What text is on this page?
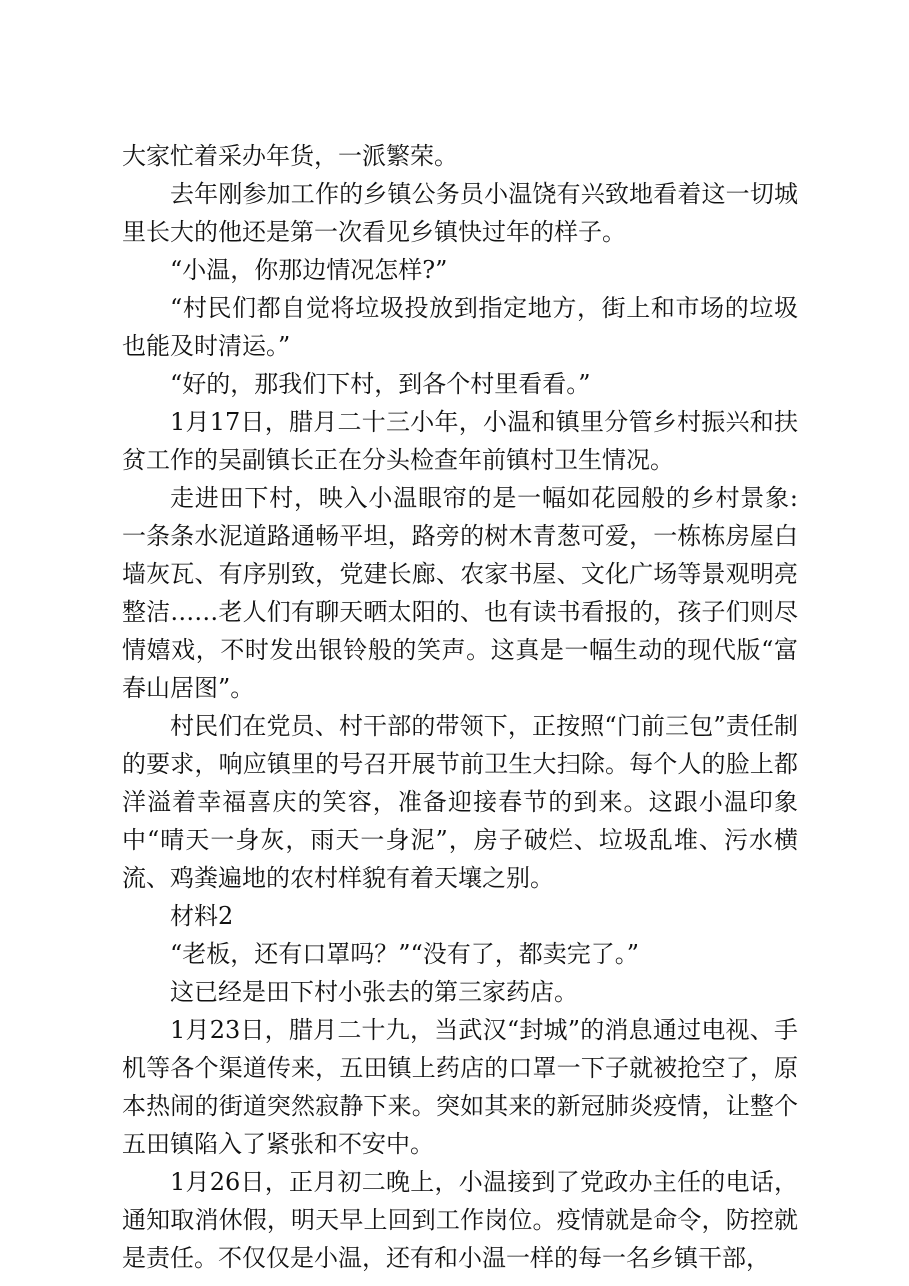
大家忙着采办年货，一派繁荣。

去年刚参加工作的乡镇公务员小温饶有兴致地看着这一切城里长大的他还是第一次看见乡镇快过年的样子。

“小温，你那边情况怎样?”

“村民们都自觉将垃圾投放到指定地方，街上和市场的垃圾也能及时清运。”

“好的，那我们下村，到各个村里看看。”

1月17日，腊月二十三小年，小温和镇里分管乡村振兴和扶贫工作的吴副镇长正在分头检查年前镇村卫生情况。

走进田下村，映入小温眼帘的是一幅如花园般的乡村景象:一条条水泥道路通畅平坦，路旁的树木青葱可爱，一栋栋房屋白墙灰瓦、有序别致，党建长廊、农家书屋、文化广场等景观明亮整洁……老人们有聊天晒太阳的、也有读书看报的，孩子们则尽情嬉戏，不时发出银铃般的笑声。这真是一幅生动的现代版“富春山居图”。

村民们在党员、村干部的带领下，正按照“门前三包”责任制的要求，响应镇里的号召开展节前卫生大扫除。每个人的脸上都洋溢着幸福喜庆的笑容，准备迎接春节的到来。这跟小温印象中“晴天一身灰，雨天一身泥”，房子破烂、垃圾乱堆、污水横流、鸡粪遍地的农村样貌有着天壤之别。

材料2

“老板，还有口罩吗？”“没有了，都卖完了。”

这已经是田下村小张去的第三家药店。

1月23日，腊月二十九，当武汉“封城”的消息通过电视、手机等各个渠道传来，五田镇上药店的口罩一下子就被抢空了，原本热闹的街道突然寂静下来。突如其来的新冠肺炎疫情，让整个五田镇陷入了紧张和不安中。

1月26日，正月初二晚上，小温接到了党政办主任的电话，通知取消休假，明天早上回到工作岗位。疫情就是命令，防控就是责任。不仅仅是小温，还有和小温一样的每一名乡镇干部，
